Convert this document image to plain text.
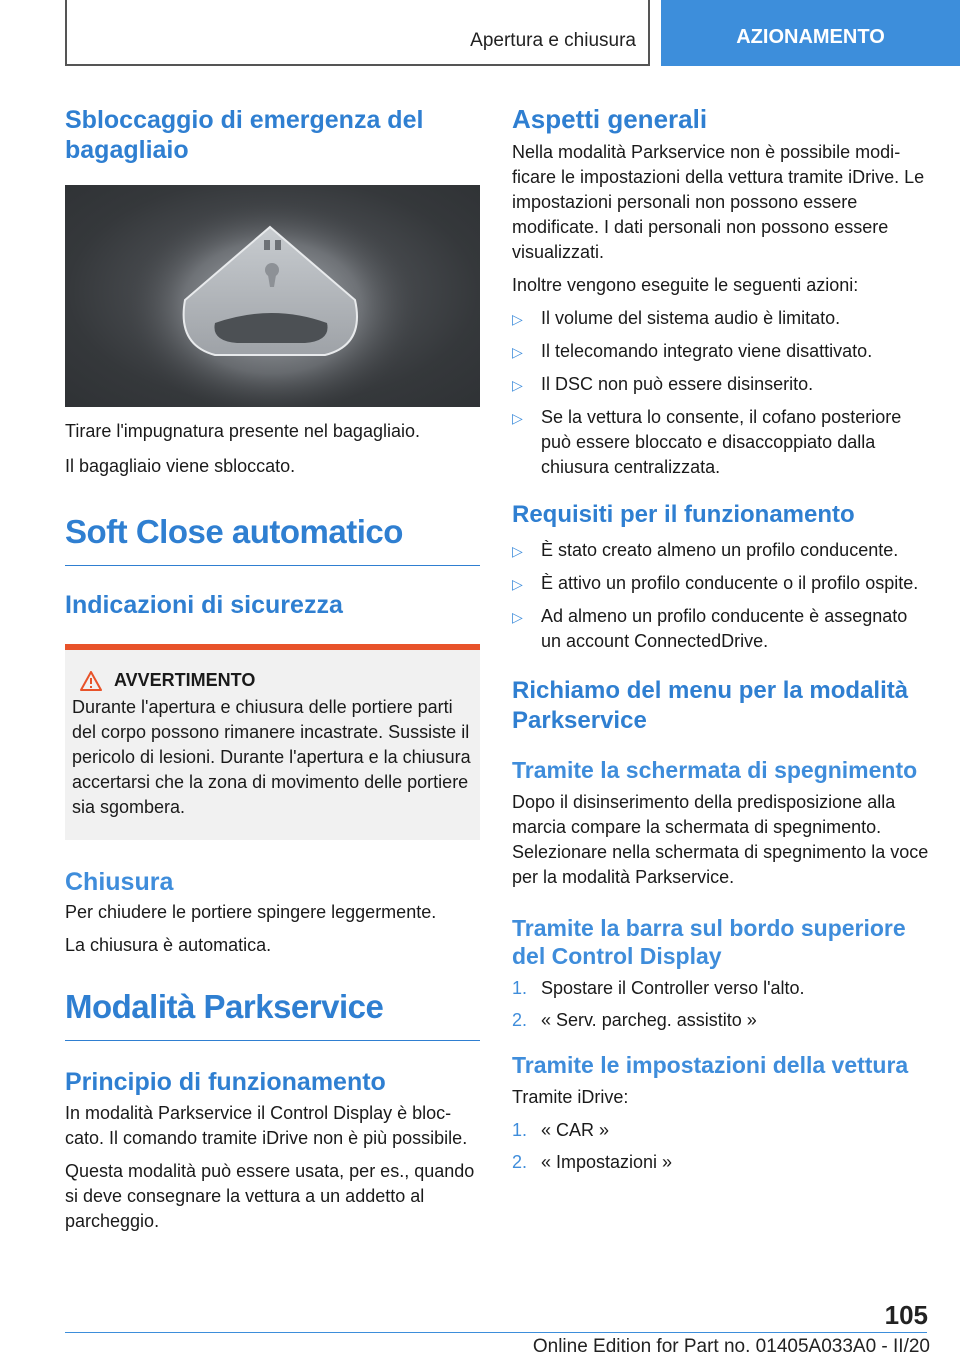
Apertura e chiusura	AZIONAMENTO
Sbloccaggio di emergenza del bagagliaio

Tirare l'impugnatura presente nel bagagliaio.

Il bagagliaio viene sbloccato.

Soft Close automatico
Indicazioni di sicurezza
AVVERTIMENTO

Durante l'apertura e chiusura delle portiere parti del corpo possono rimanere incastrate. Sussiste il pericolo di lesioni. Durante l'apertura e la chiusura accertarsi che la zona di movimento delle portiere sia sgombera.

Chiusura

Per chiudere le portiere spingere leggermente.

La chiusura è automatica.

Modalità Parkservice
Principio di funzionamento

In modalità Parkservice il Control Display è bloccato. Il comando tramite iDrive non è più possibile.

Questa modalità può essere usata, per es., quando si deve consegnare la vettura a un addetto al parcheggio.

Aspetti generali

Nella modalità Parkservice non è possibile modificare le impostazioni della vettura tramite iDrive. Le impostazioni personali non possono essere modificate. I dati personali non possono essere visualizzati.

Inoltre vengono eseguite le seguenti azioni:

▷	Il volume del sistema audio è limitato.
▷	Il telecomando integrato viene disattivato.
▷	Il DSC non può essere disinserito.
▷	Se la vettura lo consente, il cofano posteriore può essere bloccato e disaccoppiato dalla chiusura centralizzata.
Requisiti per il funzionamento
▷	È stato creato almeno un profilo conducente.
▷	È attivo un profilo conducente o il profilo ospite.
▷	Ad almeno un profilo conducente è assegnato un account ConnectedDrive.
Richiamo del menu per la modalità Parkservice
Tramite la schermata di spegnimento

Dopo il disinserimento della predisposizione alla marcia compare la schermata di spegnimento. Selezionare nella schermata di spegnimento la voce per la modalità Parkservice.

Tramite la barra sul bordo superiore del Control Display
1. Spostare il Controller verso l'alto.
2. « Serv. parcheg. assistito »
Tramite le impostazioni della vettura

Tramite iDrive:

1. « CAR »
2. « Impostazioni »
105
Online Edition for Part no. 01405A033A0 - II/20
